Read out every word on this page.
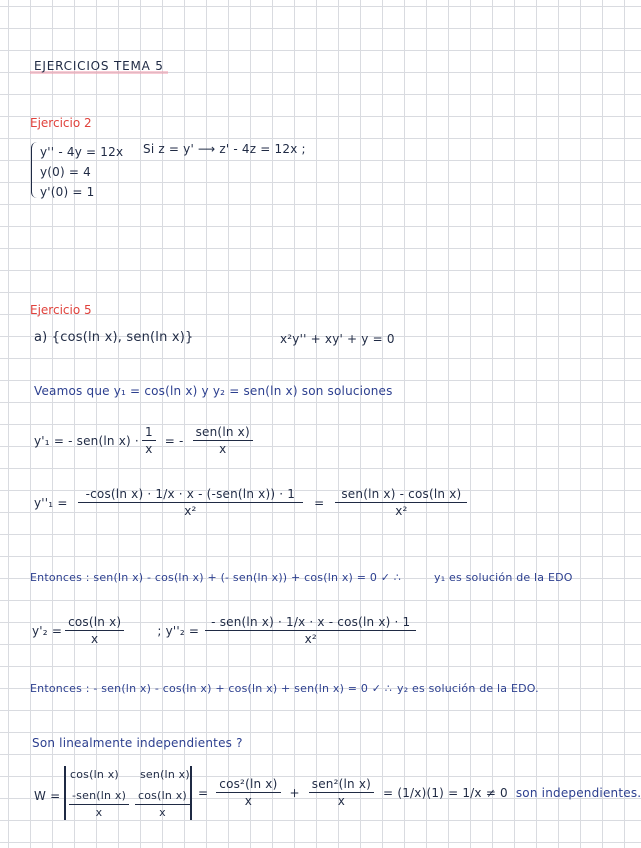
EJERCICIOS TEMA 5
Ejercicio 2
y'' - 4y = 12x
y(0) = 4
y'(0) = 1
Si z = y' ⟶ z' - 4z = 12x ;
Ejercicio 5
a) {cos(ln x), sen(ln x)}	x²y'' + xy' + y = 0
Veamos que y₁ = cos(ln x) y y₂ = sen(ln x) son soluciones
y'₁ = - sen(ln $x) \cdot \frac{1}{x}$ = - $\frac{\text{sen(ln x)}}{x}$
$y''_1 = \frac{\text{-cos(ln x) · 1/x · x - (-sen(ln x)) · 1}}{\text{x²}} = \frac{\text{sen(ln x) - cos(ln x)}}{\text{x²}}$
Entonces : sen(ln x) - cos(ln x) + (- sen(ln x)) + cos(ln x) = 0 ✓ ∴	y₁ es solución de la EDO
$y'_2 = \frac{\text{cos(ln x)}}{x}$	; $y''_2 = \frac{\text{- sen(ln x) · 1/x · x - cos(ln x) · 1}}{\text{x²}}$
Entonces : - sen(ln x) - cos(ln x) + cos(ln x) + sen(ln x) = 0 ✓ ∴ y₂ es solución de la EDO.
Son linealmente independientes ?
W =
cos(ln x) sen(ln x)
$\frac{\text{-sen(ln x)}}{x} \frac{\text{cos(ln x)}}{x} = \frac{\text{cos²(ln x)}}{x} + \frac{\text{sen²(ln x)}}{x} = (1/x)(1) = 1/x \ne 0$ son independientes.
